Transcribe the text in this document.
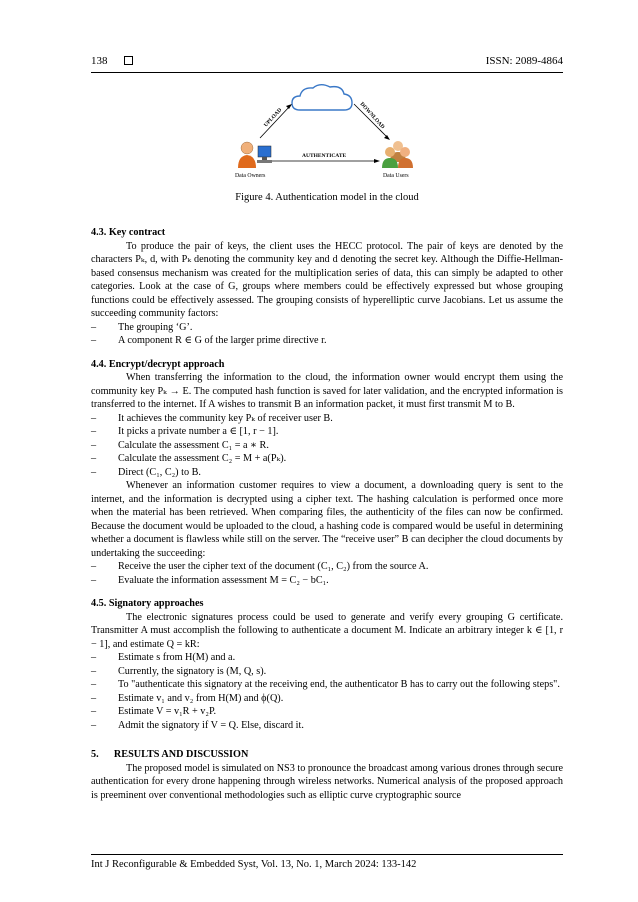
138	ISSN: 2089-4864
UPLOAD	DOWNLOAD
AUTHENTICATE
Data Owners	Data Users
Figure 4. Authentication model in the cloud
4.3. Key contract

To produce the pair of keys, the client uses the HECC protocol. The pair of keys are denoted by the characters Pₖ, d, with Pₖ denoting the community key and d denoting the secret key. Although the Diffie-Hellman-based consensus mechanism was created for the multiplication series of data, this can simply be adapted to other categories. Look at the case of G, groups where members could be effectively expressed but whose grouping functions could be effectively assessed. The grouping consists of hyperelliptic curve Jacobians. Let us assume the succeeding community factors:

– The grouping ‘G’.
– A component R ∈ G of the larger prime directive r.
4.4. Encrypt/decrypt approach

When transferring the information to the cloud, the information owner would encrypt them using the community key Pₖ → E. The computed hash function is saved for later validation, and the encrypted information is transferred to the internet. If A wishes to transmit B an information packet, it must first transmit M to B.

– It achieves the community key Pₖ of receiver user B.
– It picks a private number a ∈ [1, r − 1].
– Calculate the assessment C₁ = a ∗ R.
– Calculate the assessment C₂ = M + a(Pₖ).
– Direct (C₁, C₂) to B.

Whenever an information customer requires to view a document, a downloading query is sent to the internet, and the information is decrypted using a cipher text. The hashing calculation is performed once more when the material has been retrieved. When comparing files, the authenticity of the files can now be confirmed. Because the document would be uploaded to the cloud, a hashing code is compared would be useful in determining whether a document is flawless while still on the server. The “receive user” B can decipher the cloud documents by undertaking the succeeding:

– Receive the user the cipher text of the document (C₁, C₂) from the source A.
– Evaluate the information assessment M = C₂ − bC₁.
4.5. Signatory approaches

The electronic signatures process could be used to generate and verify every grouping G certificate. Transmitter A must accomplish the following to authenticate a document M. Indicate an arbitrary integer k ∈ [1, r − 1], and estimate Q = kR:

– Estimate s from H(M) and a.
– Currently, the signatory is (M, Q, s).
– To "authenticate this signatory at the receiving end, the authenticator B has to carry out the following steps".
– Estimate v₁ and v₂ from H(M) and ϕ(Q).
– Estimate V = v₁R + v₂P.
– Admit the signatory if V = Q. Else, discard it.
5.      RESULTS AND DISCUSSION

The proposed model is simulated on NS3 to pronounce the broadcast among various drones through secure authentication for every drone happening through wireless networks. Numerical analysis of the proposed approach is preeminent over conventional methodologies such as elliptic curve cryptographic source

Int J Reconfigurable & Embedded Syst, Vol. 13, No. 1, March 2024: 133-142
